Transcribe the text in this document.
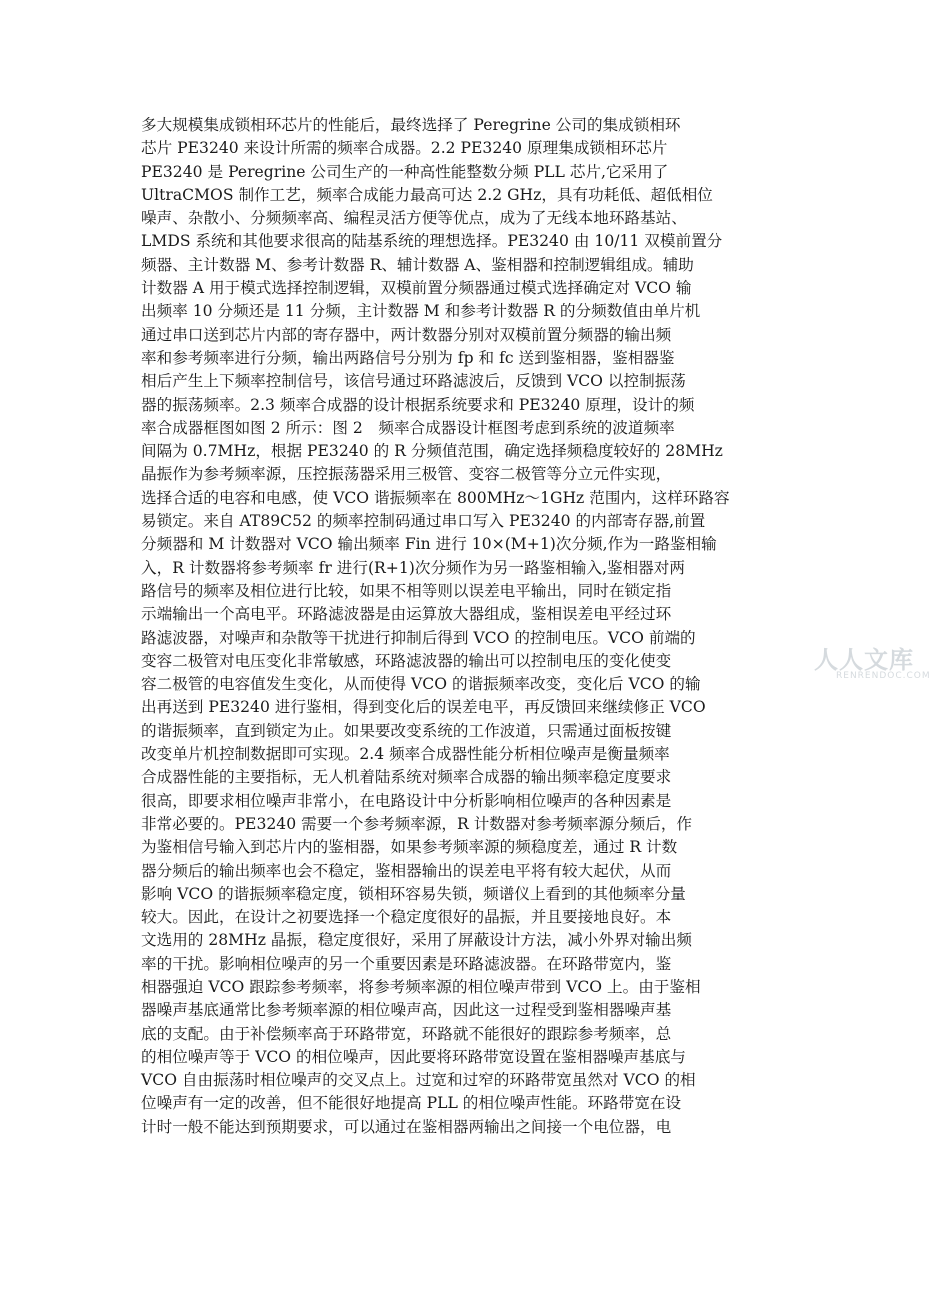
多大规模集成锁相环芯片的性能后，最终选择了 Peregrine 公司的集成锁相环
芯片 PE3240 来设计所需的频率合成器。2.2 PE3240 原理集成锁相环芯片
PE3240 是 Peregrine 公司生产的一种高性能整数分频 PLL 芯片,它采用了
UltraCMOS 制作工艺，频率合成能力最高可达 2.2 GHz，具有功耗低、超低相位
噪声、杂散小、分频频率高、编程灵活方便等优点，成为了无线本地环路基站、
LMDS 系统和其他要求很高的陆基系统的理想选择。PE3240 由 10/11 双模前置分
频器、主计数器 M、参考计数器 R、辅计数器 A、鉴相器和控制逻辑组成。辅助
计数器 A 用于模式选择控制逻辑，双模前置分频器通过模式选择确定对 VCO 输
出频率 10 分频还是 11 分频，主计数器 M 和参考计数器 R 的分频数值由单片机
通过串口送到芯片内部的寄存器中，两计数器分别对双模前置分频器的输出频
率和参考频率进行分频，输出两路信号分别为 fp 和 fc 送到鉴相器，鉴相器鉴
相后产生上下频率控制信号，该信号通过环路滤波后，反馈到 VCO 以控制振荡
器的振荡频率。2.3 频率合成器的设计根据系统要求和 PE3240 原理，设计的频
率合成器框图如图 2 所示：图 2　频率合成器设计框图考虑到系统的波道频率
间隔为 0.7MHz，根据 PE3240 的 R 分频值范围，确定选择频稳度较好的 28MHz
晶振作为参考频率源，压控振荡器采用三极管、变容二极管等分立元件实现，
选择合适的电容和电感，使 VCO 谐振频率在 800MHz～1GHz 范围内，这样环路容
易锁定。来自 AT89C52 的频率控制码通过串口写入 PE3240 的内部寄存器,前置
分频器和 M 计数器对 VCO 输出频率 Fin 进行 10×(M+1)次分频,作为一路鉴相输
入，R 计数器将参考频率 fr 进行(R+1)次分频作为另一路鉴相输入,鉴相器对两
路信号的频率及相位进行比较，如果不相等则以误差电平输出，同时在锁定指
示端输出一个高电平。环路滤波器是由运算放大器组成，鉴相误差电平经过环
路滤波器，对噪声和杂散等干扰进行抑制后得到 VCO 的控制电压。VCO 前端的
变容二极管对电压变化非常敏感，环路滤波器的输出可以控制电压的变化使变
容二极管的电容值发生变化，从而使得 VCO 的谐振频率改变，变化后 VCO 的输
出再送到 PE3240 进行鉴相，得到变化后的误差电平，再反馈回来继续修正 VCO
的谐振频率，直到锁定为止。如果要改变系统的工作波道，只需通过面板按键
改变单片机控制数据即可实现。2.4 频率合成器性能分析相位噪声是衡量频率
合成器性能的主要指标，无人机着陆系统对频率合成器的输出频率稳定度要求
很高，即要求相位噪声非常小，在电路设计中分析影响相位噪声的各种因素是
非常必要的。PE3240 需要一个参考频率源，R 计数器对参考频率源分频后，作
为鉴相信号输入到芯片内的鉴相器，如果参考频率源的频稳度差，通过 R 计数
器分频后的输出频率也会不稳定，鉴相器输出的误差电平将有较大起伏，从而
影响 VCO 的谐振频率稳定度，锁相环容易失锁，频谱仪上看到的其他频率分量
较大。因此，在设计之初要选择一个稳定度很好的晶振，并且要接地良好。本
文选用的 28MHz 晶振，稳定度很好，采用了屏蔽设计方法，减小外界对输出频
率的干扰。影响相位噪声的另一个重要因素是环路滤波器。在环路带宽内，鉴
相器强迫 VCO 跟踪参考频率，将参考频率源的相位噪声带到 VCO 上。由于鉴相
器噪声基底通常比参考频率源的相位噪声高，因此这一过程受到鉴相器噪声基
底的支配。由于补偿频率高于环路带宽，环路就不能很好的跟踪参考频率，总
的相位噪声等于 VCO 的相位噪声，因此要将环路带宽设置在鉴相器噪声基底与
VCO 自由振荡时相位噪声的交叉点上。过宽和过窄的环路带宽虽然对 VCO 的相
位噪声有一定的改善，但不能很好地提高 PLL 的相位噪声性能。环路带宽在设
计时一般不能达到预期要求，可以通过在鉴相器两输出之间接一个电位器，电
人人文库
RENRENDOC.COM
